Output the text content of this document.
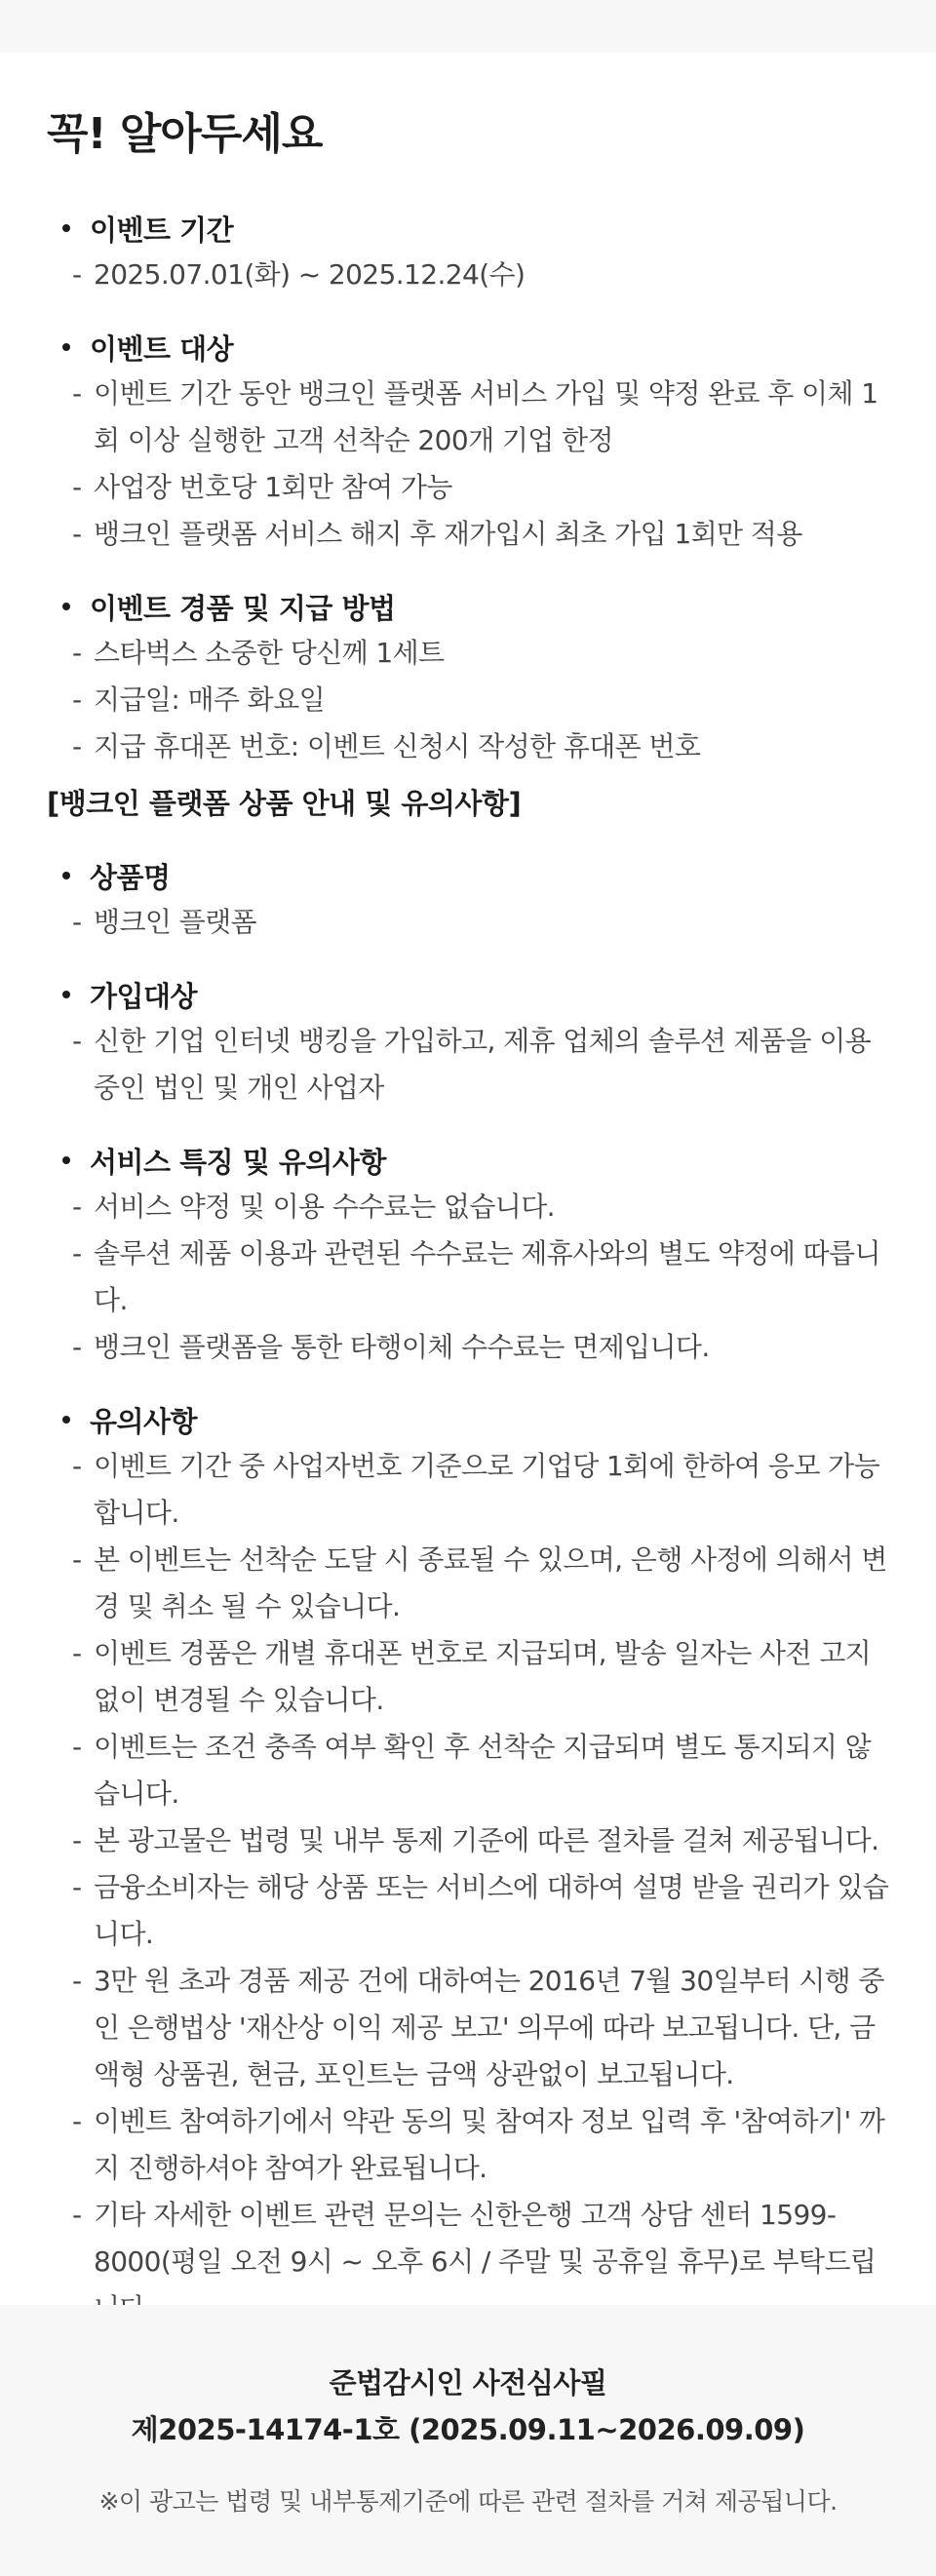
꼭! 알아두세요
이벤트 기간
- 2025.07.01(화) ~ 2025.12.24(수)
이벤트 대상
- 이벤트 기간 동안 뱅크인 플랫폼 서비스 가입 및 약정 완료 후 이체 1회 이상 실행한 고객 선착순 200개 기업 한정
- 사업장 번호당 1회만 참여 가능
- 뱅크인 플랫폼 서비스 해지 후 재가입시 최초 가입 1회만 적용
이벤트 경품 및 지급 방법
- 스타벅스 소중한 당신께 1세트
- 지급일: 매주 화요일
- 지급 휴대폰 번호: 이벤트 신청시 작성한 휴대폰 번호
[뱅크인 플랫폼 상품 안내 및 유의사항]
상품명
- 뱅크인 플랫폼
가입대상
- 신한 기업 인터넷 뱅킹을 가입하고, 제휴 업체의 솔루션 제품을 이용 중인 법인 및 개인 사업자
서비스 특징 및 유의사항
- 서비스 약정 및 이용 수수료는 없습니다.
- 솔루션 제품 이용과 관련된 수수료는 제휴사와의 별도 약정에 따릅니다.
- 뱅크인 플랫폼을 통한 타행이체 수수료는 면제입니다.
유의사항
- 이벤트 기간 중 사업자번호 기준으로 기업당 1회에 한하여 응모 가능합니다.
- 본 이벤트는 선착순 도달 시 종료될 수 있으며, 은행 사정에 의해서 변경 및 취소 될 수 있습니다.
- 이벤트 경품은 개별 휴대폰 번호로 지급되며, 발송 일자는 사전 고지 없이 변경될 수 있습니다.
- 이벤트는 조건 충족 여부 확인 후 선착순 지급되며 별도 통지되지 않습니다.
- 본 광고물은 법령 및 내부 통제 기준에 따른 절차를 걸쳐 제공됩니다.
- 금융소비자는 해당 상품 또는 서비스에 대하여 설명 받을 권리가 있습니다.
- 3만 원 초과 경품 제공 건에 대하여는 2016년 7월 30일부터 시행 중인 은행법상 '재산상 이익 제공 보고' 의무에 따라 보고됩니다. 단, 금액형 상품권, 현금, 포인트는 금액 상관없이 보고됩니다.
- 이벤트 참여하기에서 약관 동의 및 참여자 정보 입력 후 '참여하기' 까지 진행하셔야 참여가 완료됩니다.
- 기타 자세한 이벤트 관련 문의는 신한은행 고객 상담 센터 1599-8000(평일 오전 9시 ~ 오후 6시 / 주말 및 공휴일 휴무)로 부탁드립
준법감시인 사전심사필
제2025-14174-1호 (2025.09.11~2026.09.09)
※이 광고는 법령 및 내부통제기준에 따른 관련 절차를 거쳐 제공됩니다.
